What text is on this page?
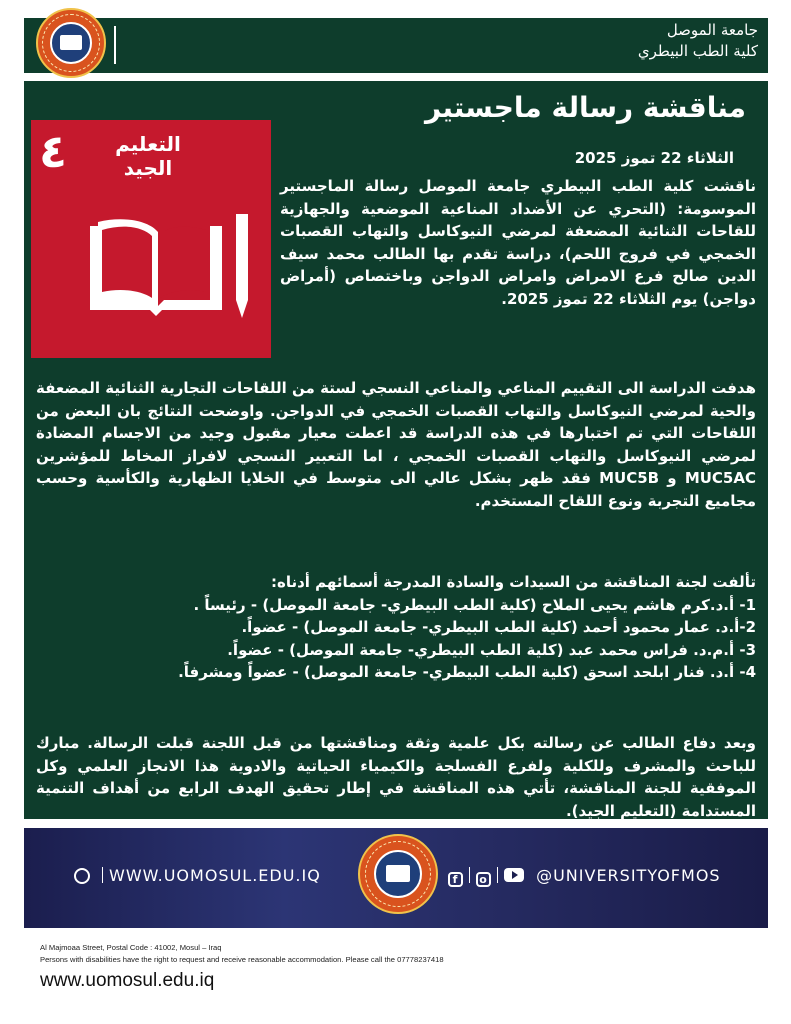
جامعة الموصل
كلية الطب البيطري
٤ التعليم الجيد
مناقشة رسالة ماجستير
الثلاثاء 22 تموز 2025
ناقشت كلية الطب البيطري جامعة الموصل رسالة الماجستير الموسومة: (التحري عن الأضداد المناعية الموضعية والجهازية للقاحات الثنائية المضعفة لمرضي النيوكاسل والتهاب القصبات الخمجي في فروج اللحم)، دراسة تقدم بها الطالب محمد سيف الدين صالح فرع الامراض وامراض الدواجن وباختصاص (أمراض دواجن) يوم الثلاثاء 22 تموز 2025.
هدفت الدراسة الى التقييم المناعي والمناعي النسجي لستة من اللقاحات التجارية الثنائية المضعفة والحية لمرضي النيوكاسل والتهاب القصبات الخمجي في الدواجن. واوضحت النتائج بان البعض من اللقاحات التي تم اختبارها في هذه الدراسة قد اعطت معيار مقبول وجيد من الاجسام المضادة لمرضي النيوكاسل والتهاب القصبات الخمجي ، اما التعبير النسجي لافراز المخاط للمؤشرين MUC5AC و MUC5B فقد ظهر بشكل عالي الى متوسط في الخلايا الظهارية والكأسية وحسب مجاميع التجربة ونوع اللقاح المستخدم.
تألفت لجنة المناقشة من السيدات والسادة المدرجة أسمائهم أدناه:
1- أ.د.كرم هاشم يحيى الملاح (كلية الطب البيطري- جامعة الموصل) - رئيساً .
2-أ.د. عمار محمود أحمد (كلية الطب البيطري- جامعة الموصل) - عضواً.
3- أ.م.د. فراس محمد عبد (كلية الطب البيطري- جامعة الموصل) - عضواً.
4- أ.د. فنار ابلحد اسحق (كلية الطب البيطري- جامعة الموصل) - عضواً ومشرفاً.
وبعد دفاع الطالب عن رسالته بكل علمية وثقة ومناقشتها من قبل اللجنة قبلت الرسالة. مبارك للباحث والمشرف وللكلية ولفرع الفسلجة والكيمياء الحياتية والادوية هذا الانجاز العلمي وكل الموفقية للجنة المناقشة، تأتي هذه المناقشة في إطار تحقيق الهدف الرابع من أهداف التنمية المستدامة (التعليم الجيد).
WWW.UOMOSUL.EDU.IQ	f o	@UNIVERSITYOFMOS
Al Majmoaa Street, Postal Code : 41002, Mosul – Iraq
Persons with disabilities have the right to request and receive reasonable accommodation. Please call the 07778237418
www.uomosul.edu.iq
